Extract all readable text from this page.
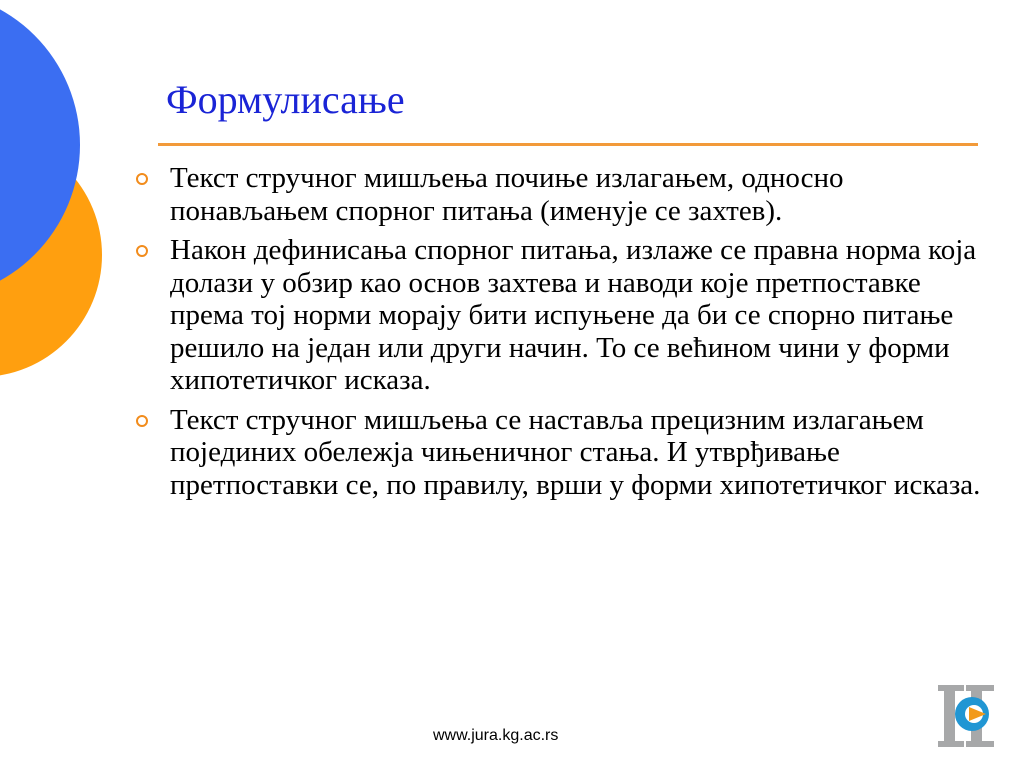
Формулисање
Текст стручног мишљења почиње излагањем, односно понављањем спорног питања (именује се захтев).
Након дефинисања спорног питања, излаже се правна норма која долази у обзир као основ захтева и наводи које претпоставке према тој норми морају бити испуњене да би се спорно питање решило на један или други начин. То се већином чини у форми хипотетичког исказа.
Текст стручног мишљења се наставља прецизним излагањем појединих обележја чињеничног стања. И утврђивање претпоставки се, по правилу, врши у форми хипотетичког исказа.
www.jura.kg.ac.rs
